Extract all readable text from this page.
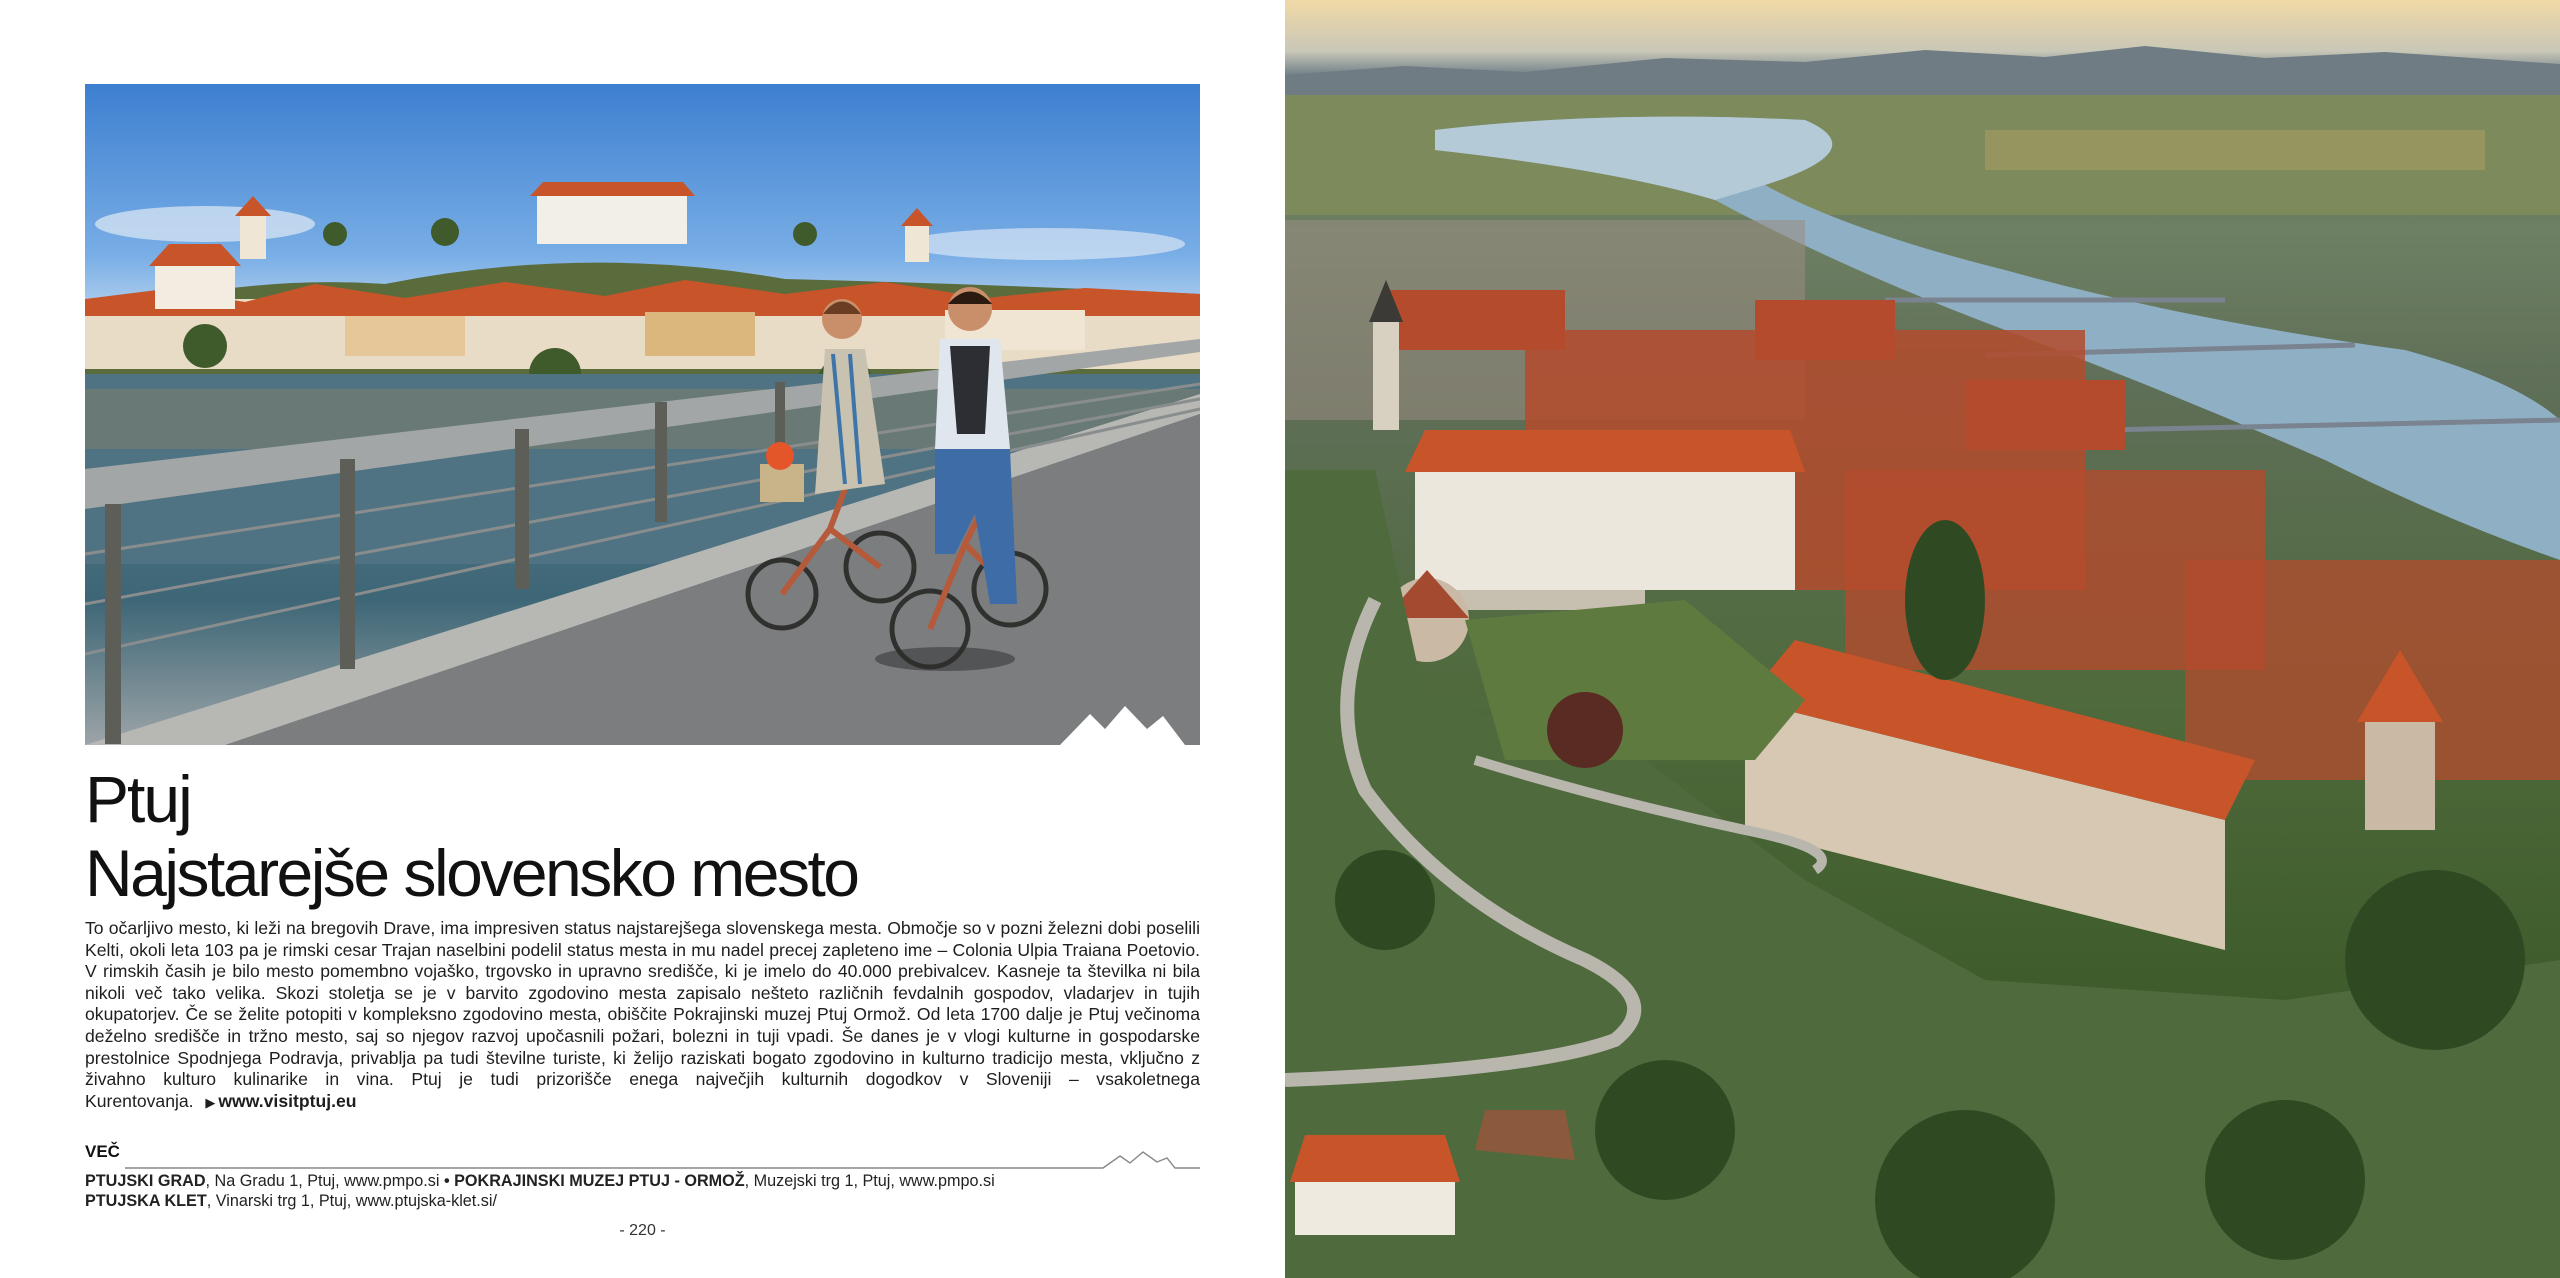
Ptuj
Najstarejše slovensko mesto

To očarljivo mesto, ki leži na bregovih Drave, ima impresiven status najstarejšega slovenskega mesta. Območje so v pozni železni dobi poselili Kelti, okoli leta 103 pa je rimski cesar Trajan naselbini podelil status mesta in mu nadel precej zapleteno ime – Colonia Ulpia Traiana Poetovio. V rimskih časih je bilo mesto pomembno vojaško, trgovsko in upravno središče, ki je imelo do 40.000 prebivalcev. Kasneje ta številka ni bila nikoli več tako velika. Skozi stoletja se je v barvito zgodovino mesta zapisalo nešteto različnih fevdalnih gospodov, vladarjev in tujih okupatorjev. Če se želite potopiti v kompleksno zgodovino mesta, obiščite Pokrajinski muzej Ptuj Ormož. Od leta 1700 dalje je Ptuj večinoma deželno središče in tržno mesto, saj so njegov razvoj upočasnili požari, bolezni in tuji vpadi. Še danes je v vlogi kulturne in gospodarske prestolnice Spodnjega Podravja, privablja pa tudi številne turiste, ki želijo raziskati bogato zgodovino in kulturno tradicijo mesta, vključno z živahno kulturo kulinarike in vina. Ptuj je tudi prizorišče enega največjih kulturnih dogodkov v Sloveniji – vsakoletnega Kurentovanja. ▶ www.visitptuj.eu

VEČ
PTUJSKI GRAD, Na Gradu 1, Ptuj, www.pmpo.si • POKRAJINSKI MUZEJ PTUJ - ORMOŽ, Muzejski trg 1, Ptuj, www.pmpo.si
PTUJSKA KLET, Vinarski trg 1, Ptuj, www.ptujska-klet.si/
- 220 -
